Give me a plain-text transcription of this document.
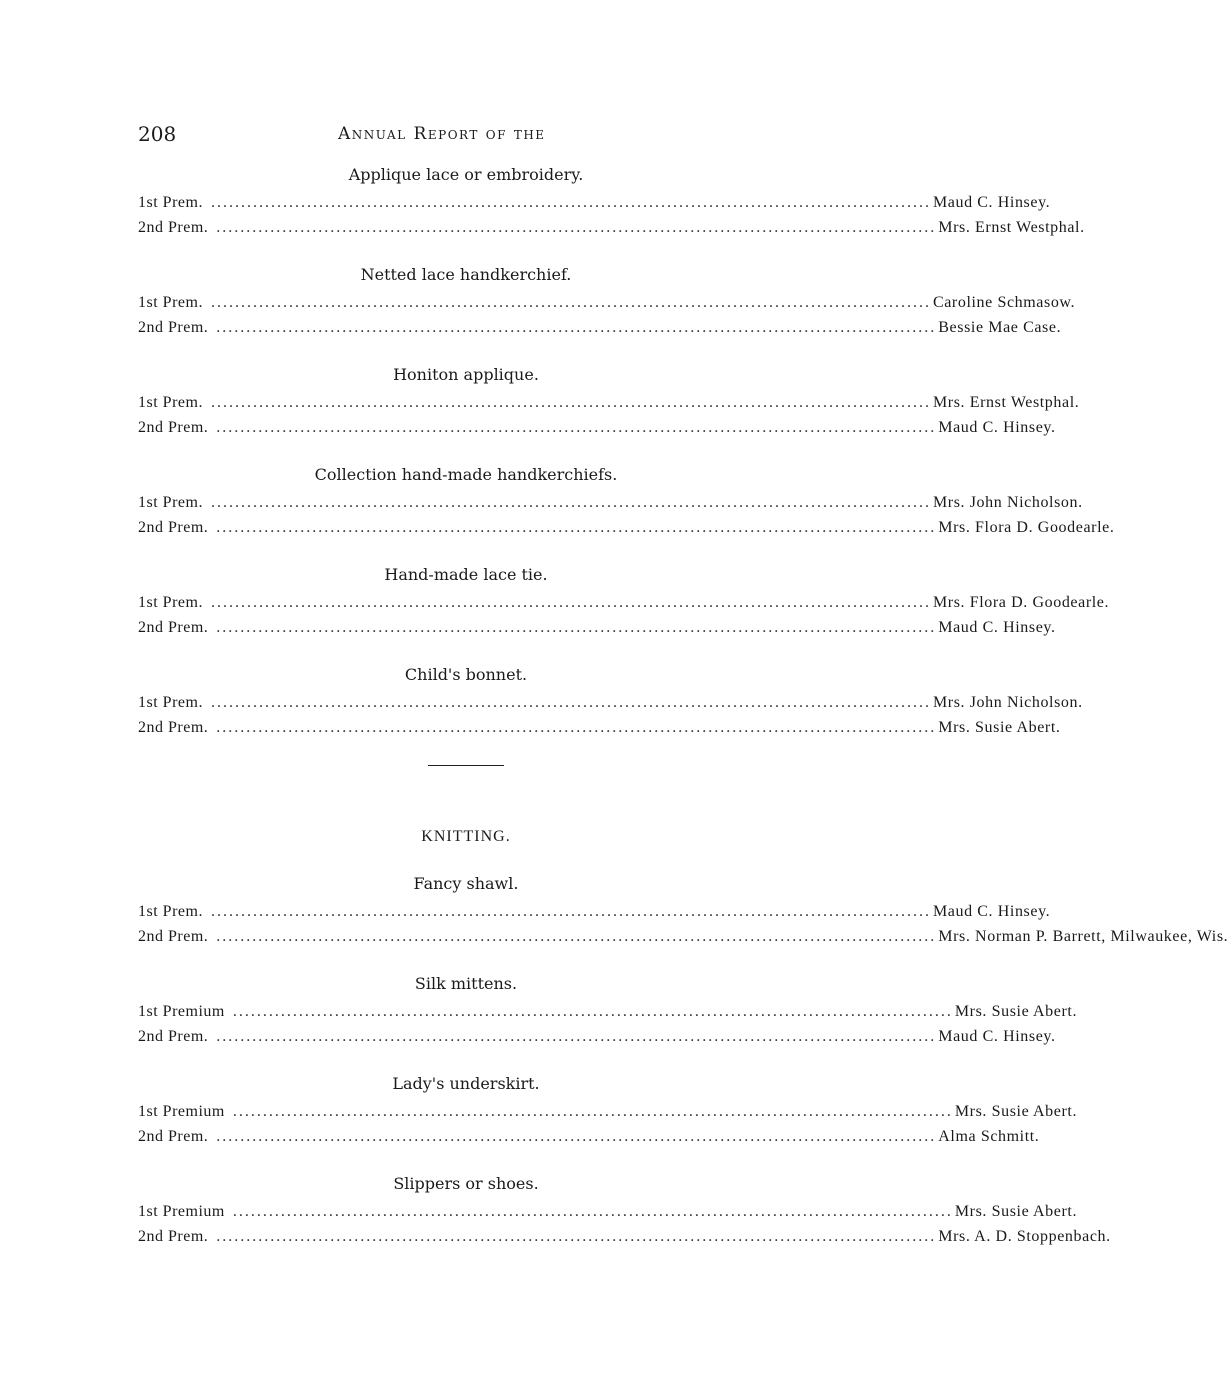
208	Annual Report of the
Applique lace or embroidery.
1st Prem. ........................................................................................................................ Maud C. Hinsey.
2nd Prem. ........................................................................................................................ Mrs. Ernst Westphal.
Netted lace handkerchief.
1st Prem. ........................................................................................................................ Caroline Schmasow.
2nd Prem. ........................................................................................................................ Bessie Mae Case.
Honiton applique.
1st Prem. ........................................................................................................................ Mrs. Ernst Westphal.
2nd Prem. ........................................................................................................................ Maud C. Hinsey.
Collection hand-made handkerchiefs.
1st Prem. ........................................................................................................................ Mrs. John Nicholson.
2nd Prem. ........................................................................................................................ Mrs. Flora D. Goodearle.
Hand-made lace tie.
1st Prem. ........................................................................................................................ Mrs. Flora D. Goodearle.
2nd Prem. ........................................................................................................................ Maud C. Hinsey.
Child's bonnet.
1st Prem. ........................................................................................................................ Mrs. John Nicholson.
2nd Prem. ........................................................................................................................ Mrs. Susie Abert.
KNITTING.
Fancy shawl.
1st Prem. ........................................................................................................................ Maud C. Hinsey.
2nd Prem. ........................................................................................................................ Mrs. Norman P. Barrett, Milwaukee, Wis.
Silk mittens.
1st Premium ........................................................................................................................ Mrs. Susie Abert.
2nd Prem. ........................................................................................................................ Maud C. Hinsey.
Lady's underskirt.
1st Premium ........................................................................................................................ Mrs. Susie Abert.
2nd Prem. ........................................................................................................................ Alma Schmitt.
Slippers or shoes.
1st Premium ........................................................................................................................ Mrs. Susie Abert.
2nd Prem. ........................................................................................................................ Mrs. A. D. Stoppenbach.
